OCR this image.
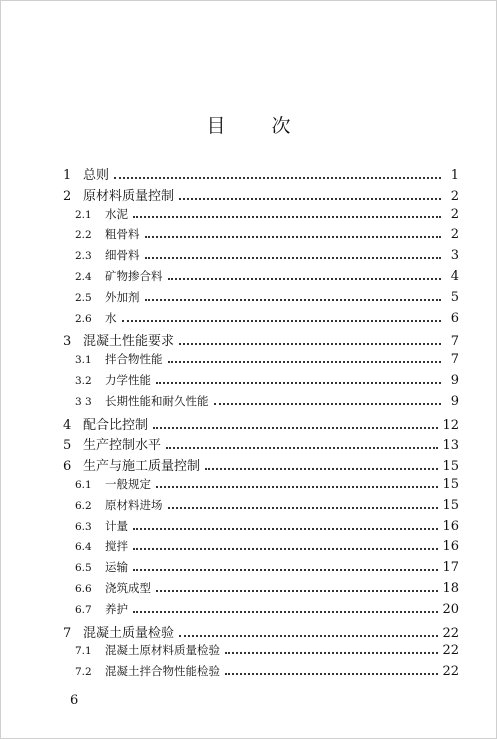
目 次
1 总则	1
2 原材料质量控制	2
2.1	水泥	2
2.2	粗骨料	2
2.3	细骨料	3
2.4	矿物掺合料	4
2.5	外加剂	5
2.6	水	6
3 混凝土性能要求	7
3.1	拌合物性能	7
3.2	力学性能	9
3 3	长期性能和耐久性能	9
4 配合比控制	12
5 生产控制水平	13
6 生产与施工质量控制	15
6.1	一般规定	15
6.2	原材料进场	15
6.3	计量	16
6.4	搅拌	16
6.5	运输	17
6.6	浇筑成型	18
6.7	养护	20
7 混凝土质量检验	22
7.1	混凝土原材料质量检验	22
7.2	混凝土拌合物性能检验	22
6
